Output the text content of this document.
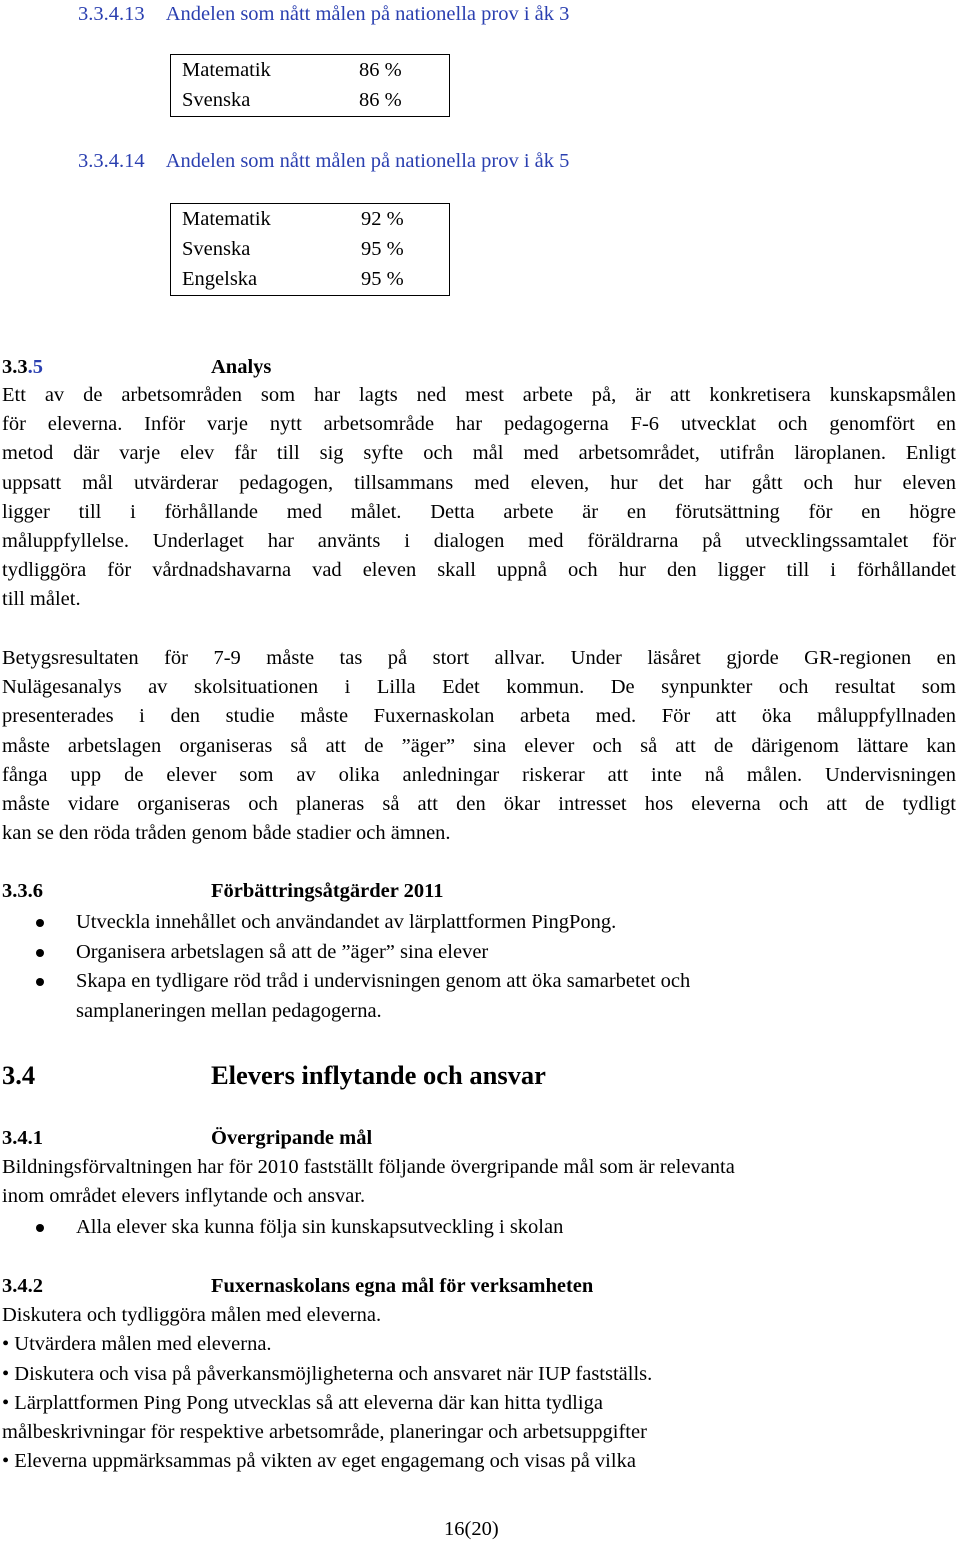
3.3.4.13 Andelen som nått målen på nationella prov i åk 3
Matematik	86 %
Svenska	86 %
3.3.4.14 Andelen som nått målen på nationella prov i åk 5
Matematik	92 %
Svenska	95 %
Engelska	95 %
3.3.5	Analys
Ett av de arbetsområden som har lagts ned mest arbete på, är att konkretisera kunskapsmålen
för eleverna. Inför varje nytt arbetsområde har pedagogerna F-6 utvecklat och genomfört en
metod där varje elev får till sig syfte och mål med arbetsområdet, utifrån läroplanen. Enligt
uppsatt mål utvärderar pedagogen, tillsammans med eleven, hur det har gått och hur eleven
ligger till i förhållande med målet. Detta arbete är en förutsättning för en högre
måluppfyllelse. Underlaget har använts i dialogen med föräldrarna på utvecklingssamtalet för
tydliggöra för vårdnadshavarna vad eleven skall uppnå och hur den ligger till i förhållandet
till målet.
Betygsresultaten för 7-9 måste tas på stort allvar. Under läsåret gjorde GR-regionen en
Nulägesanalys av skolsituationen i Lilla Edet kommun. De synpunkter och resultat som
presenterades i den studie måste Fuxernaskolan arbeta med. För att öka måluppfyllnaden
måste arbetslagen organiseras så att de ”äger” sina elever och så att de därigenom lättare kan
fånga upp de elever som av olika anledningar riskerar att inte nå målen. Undervisningen
måste vidare organiseras och planeras så att den ökar intresset hos eleverna och att de tydligt
kan se den röda tråden genom både stadier och ämnen.
3.3.6	Förbättringsåtgärder 2011
Utveckla innehållet och användandet av lärplattformen PingPong.
Organisera arbetslagen så att de ”äger” sina elever
Skapa en tydligare röd tråd i undervisningen genom att öka samarbetet och
samplaneringen mellan pedagogerna.
3.4	Elevers inflytande och ansvar
3.4.1	Övergripande mål
Bildningsförvaltningen har för 2010 fastställt följande övergripande mål som är relevanta
inom området elevers inflytande och ansvar.
Alla elever ska kunna följa sin kunskapsutveckling i skolan
3.4.2	Fuxernaskolans egna mål för verksamheten
Diskutera och tydliggöra målen med eleverna.
• Utvärdera målen med eleverna.
• Diskutera och visa på påverkansmöjligheterna och ansvaret när IUP fastställs.
• Lärplattformen Ping Pong utvecklas så att eleverna där kan hitta tydliga
målbeskrivningar för respektive arbetsområde, planeringar och arbetsuppgifter
• Eleverna uppmärksammas på vikten av eget engagemang och visas på vilka
16(20)
